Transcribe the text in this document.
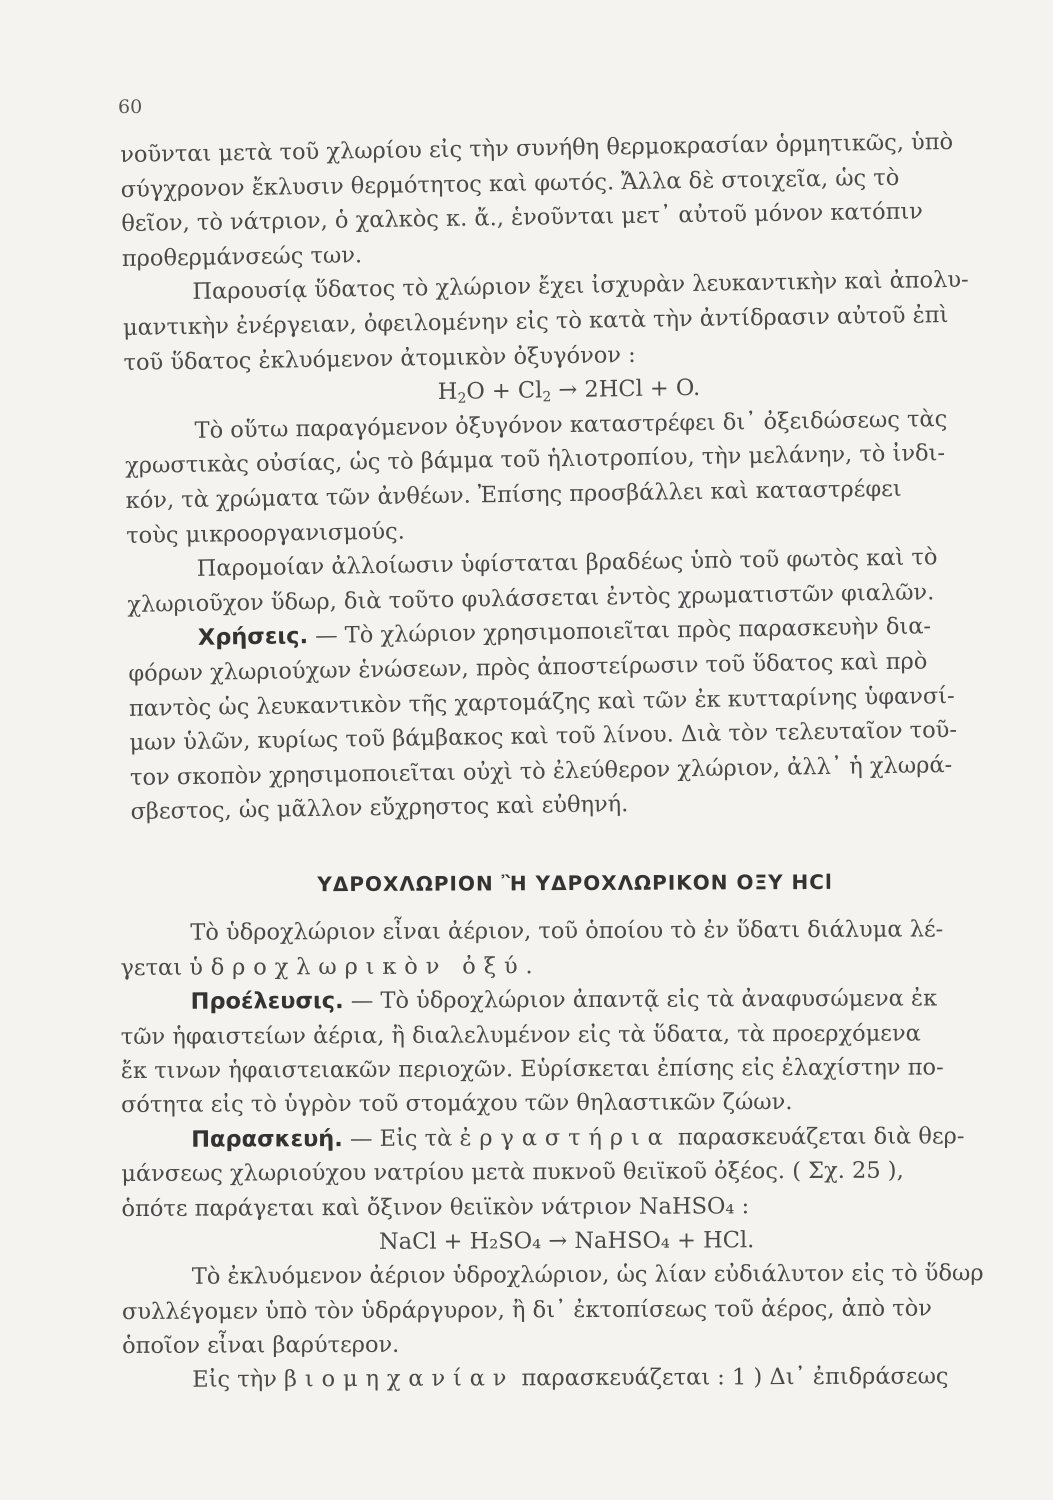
60
νοῦνται μετὰ τοῦ χλωρίου εἰς τὴν συνήθη θερμοκρασίαν ὁρμητικῶς, ὑπὸ
σύγχρονον ἔκλυσιν θερμότητος καὶ φωτός. Ἄλλα δὲ στοιχεῖα, ὡς τὸ
θεῖον, τὸ νάτριον, ὁ χαλκὸς κ. ἄ., ἑνοῦνται μετ᾽ αὐτοῦ μόνον κατόπιν
προθερμάνσεώς των.
Παρουσίᾳ ὕδατος τὸ χλώριον ἔχει ἰσχυρὰν λευκαντικὴν καὶ ἀπολυ-
μαντικὴν ἐνέργειαν, ὀφειλομένην εἰς τὸ κατὰ τὴν ἀντίδρασιν αὐτοῦ ἐπὶ
τοῦ ὕδατος ἐκλυόμενον ἀτομικὸν ὀξυγόνον :
$H_2O + Cl_2 \to 2HCl + O$.
Τὸ οὕτω παραγόμενον ὀξυγόνον καταστρέφει δι᾽ ὀξειδώσεως τὰς
χρωστικὰς οὐσίας, ὡς τὸ βάμμα τοῦ ἡλιοτροπίου, τὴν μελάνην, τὸ ἰνδι-
κόν, τὰ χρώματα τῶν ἀνθέων. Ἐπίσης προσβάλλει καὶ καταστρέφει
τοὺς μικροοργανισμούς.
Παρομοίαν ἀλλοίωσιν ὑφίσταται βραδέως ὑπὸ τοῦ φωτὸς καὶ τὸ
χλωριοῦχον ὕδωρ, διὰ τοῦτο φυλάσσεται ἐντὸς χρωματιστῶν φιαλῶν.
Χρήσεις. — Τὸ χλώριον χρησιμοποιεῖται πρὸς παρασκευὴν δια-
φόρων χλωριούχων ἑνώσεων, πρὸς ἀποστείρωσιν τοῦ ὕδατος καὶ πρὸ
παντὸς ὡς λευκαντικὸν τῆς χαρτομάζης καὶ τῶν ἐκ κυτταρίνης ὑφανσί-
μων ὑλῶν, κυρίως τοῦ βάμβακος καὶ τοῦ λίνου. Διὰ τὸν τελευταῖον τοῦ-
τον σκοπὸν χρησιμοποιεῖται οὐχὶ τὸ ἐλεύθερον χλώριον, ἀλλ᾽ ἡ χλωρά-
σβεστος, ὡς μᾶλλον εὔχρηστος καὶ εὐθηνή.
ΥΔΡΟΧΛΩΡΙΟΝ Ἢ ΥΔΡΟΧΛΩΡΙΚΟΝ ΟΞΥ HCl
Τὸ ὑδροχλώριον εἶναι ἀέριον, τοῦ ὁποίου τὸ ἐν ὕδατι διάλυμα λέ-
γεται ὑδροχλωρικὸν ὀξύ.
Προέλευσις. — Τὸ ὑδροχλώριον ἀπαντᾷ εἰς τὰ ἀναφυσώμενα ἐκ
τῶν ἡφαιστείων ἀέρια, ἢ διαλελυμένον εἰς τὰ ὕδατα, τὰ προερχόμενα
ἔκ τινων ἡφαιστειακῶν περιοχῶν. Εὑρίσκεται ἐπίσης εἰς ἐλαχίστην πο-
σότητα εἰς τὸ ὑγρὸν τοῦ στομάχου τῶν θηλαστικῶν ζώων.
Παρασκευή. — Εἰς τὰ ἐργαστήρια παρασκευάζεται διὰ θερ-
μάνσεως χλωριούχου νατρίου μετὰ πυκνοῦ θειϊκοῦ ὀξέος. ( Σχ. 25 ),
ὁπότε παράγεται καὶ ὄξινον θειϊκὸν νάτριον NaHSO₄ :
NaCl + H₂SO₄ → NaHSO₄ + HCl.
Τὸ ἐκλυόμενον ἀέριον ὑδροχλώριον, ὡς λίαν εὐδιάλυτον εἰς τὸ ὕδωρ
συλλέγομεν ὑπὸ τὸν ὑδράργυρον, ἢ δι᾽ ἐκτοπίσεως τοῦ ἀέρος, ἀπὸ τὸν
ὁποῖον εἶναι βαρύτερον.
Εἰς τὴν βιομηχανίαν παρασκευάζεται : 1 ) Δι᾽ ἐπιδράσεως
